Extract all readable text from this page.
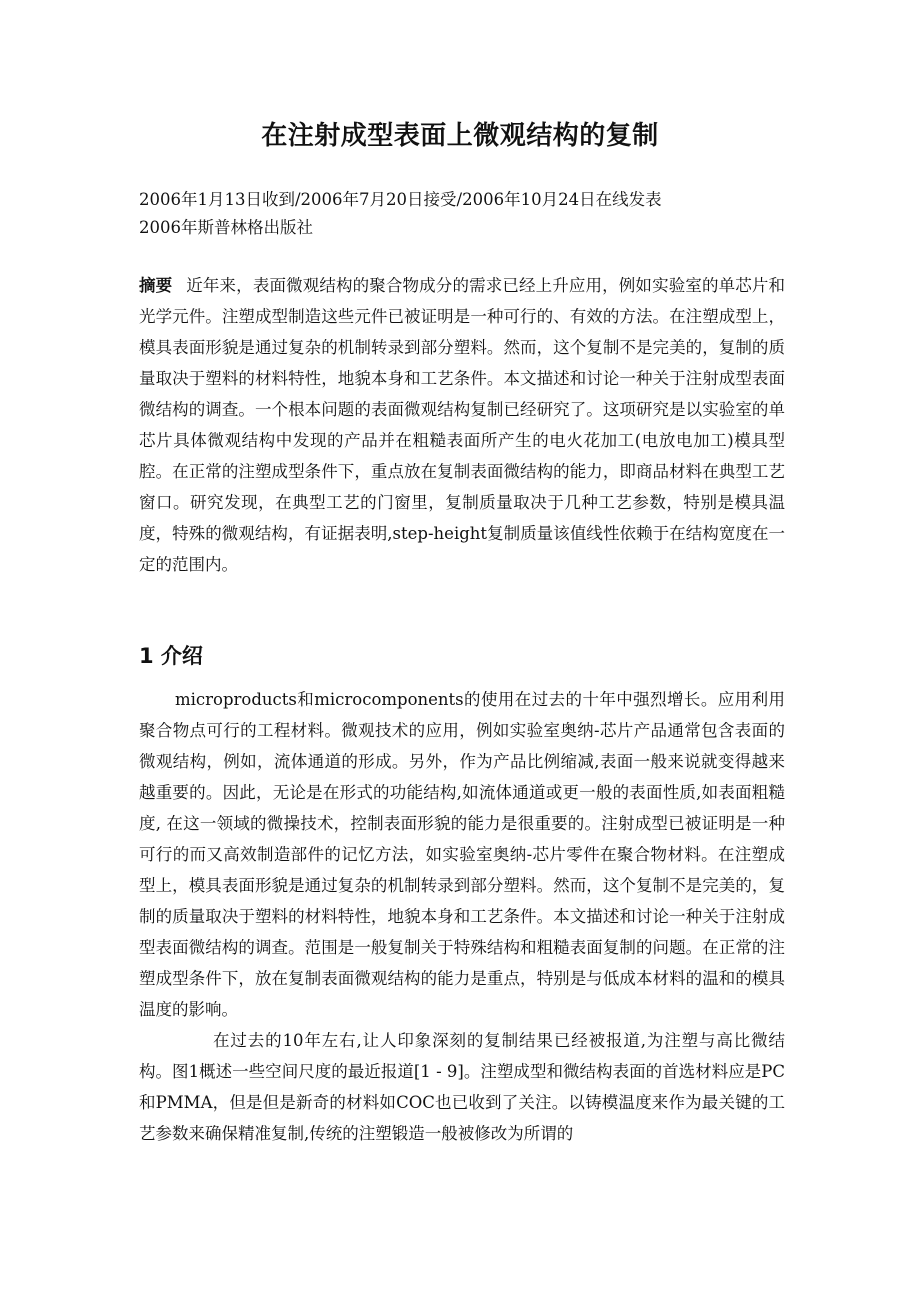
在注射成型表面上微观结构的复制
2006年1月13日收到/2006年7月20日接受/2006年10月24日在线发表
2006年斯普林格出版社
摘要 近年来，表面微观结构的聚合物成分的需求已经上升应用，例如实验室的单芯片和光学元件。注塑成型制造这些元件已被证明是一种可行的、有效的方法。在注塑成型上，模具表面形貌是通过复杂的机制转录到部分塑料。然而，这个复制不是完美的，复制的质量取决于塑料的材料特性，地貌本身和工艺条件。本文描述和讨论一种关于注射成型表面微结构的调查。一个根本问题的表面微观结构复制已经研究了。这项研究是以实验室的单芯片具体微观结构中发现的产品并在粗糙表面所产生的电火花加工(电放电加工)模具型腔。在正常的注塑成型条件下，重点放在复制表面微结构的能力，即商品材料在典型工艺窗口。研究发现，在典型工艺的门窗里，复制质量取决于几种工艺参数，特别是模具温度，特殊的微观结构，有证据表明,step-height复制质量该值线性依赖于在结构宽度在一定的范围内。
1 介绍

microproducts和microcomponents的使用在过去的十年中强烈增长。应用利用聚合物点可行的工程材料。微观技术的应用，例如实验室奥纳-芯片产品通常包含表面的微观结构，例如，流体通道的形成。另外，作为产品比例缩减,表面一般来说就变得越来越重要的。因此，无论是在形式的功能结构,如流体通道或更一般的表面性质,如表面粗糙度, 在这一领域的微操技术，控制表面形貌的能力是很重要的。注射成型已被证明是一种可行的而又高效制造部件的记忆方法，如实验室奥纳-芯片零件在聚合物材料。在注塑成型上，模具表面形貌是通过复杂的机制转录到部分塑料。然而，这个复制不是完美的，复制的质量取决于塑料的材料特性，地貌本身和工艺条件。本文描述和讨论一种关于注射成型表面微结构的调查。范围是一般复制关于特殊结构和粗糙表面复制的问题。在正常的注塑成型条件下，放在复制表面微观结构的能力是重点，特别是与低成本材料的温和的模具温度的影响。

在过去的10年左右,让人印象深刻的复制结果已经被报道,为注塑与高比微结构。图1概述一些空间尺度的最近报道[1 - 9]。注塑成型和微结构表面的首选材料应是PC和PMMA，但是但是新奇的材料如COC也已收到了关注。以铸模温度来作为最关键的工艺参数来确保精准复制,传统的注塑锻造一般被修改为所谓的
